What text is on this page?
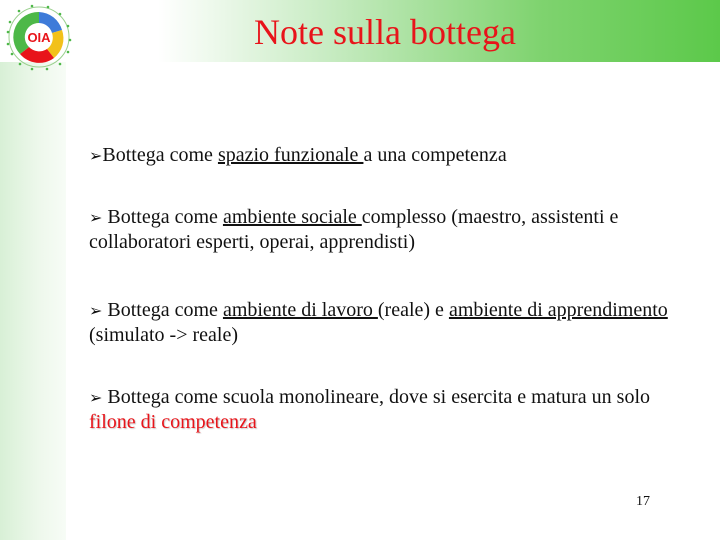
OIA	Note sulla bottega

➢Bottega come spazio funzionale a una competenza

➢ Bottega come ambiente sociale complesso (maestro, assistenti e collaboratori esperti, operai, apprendisti)

➢ Bottega come ambiente di lavoro (reale) e ambiente di apprendimento (simulato -> reale)

➢ Bottega come scuola monolineare, dove si esercita e matura un solo filone di competenza

17
